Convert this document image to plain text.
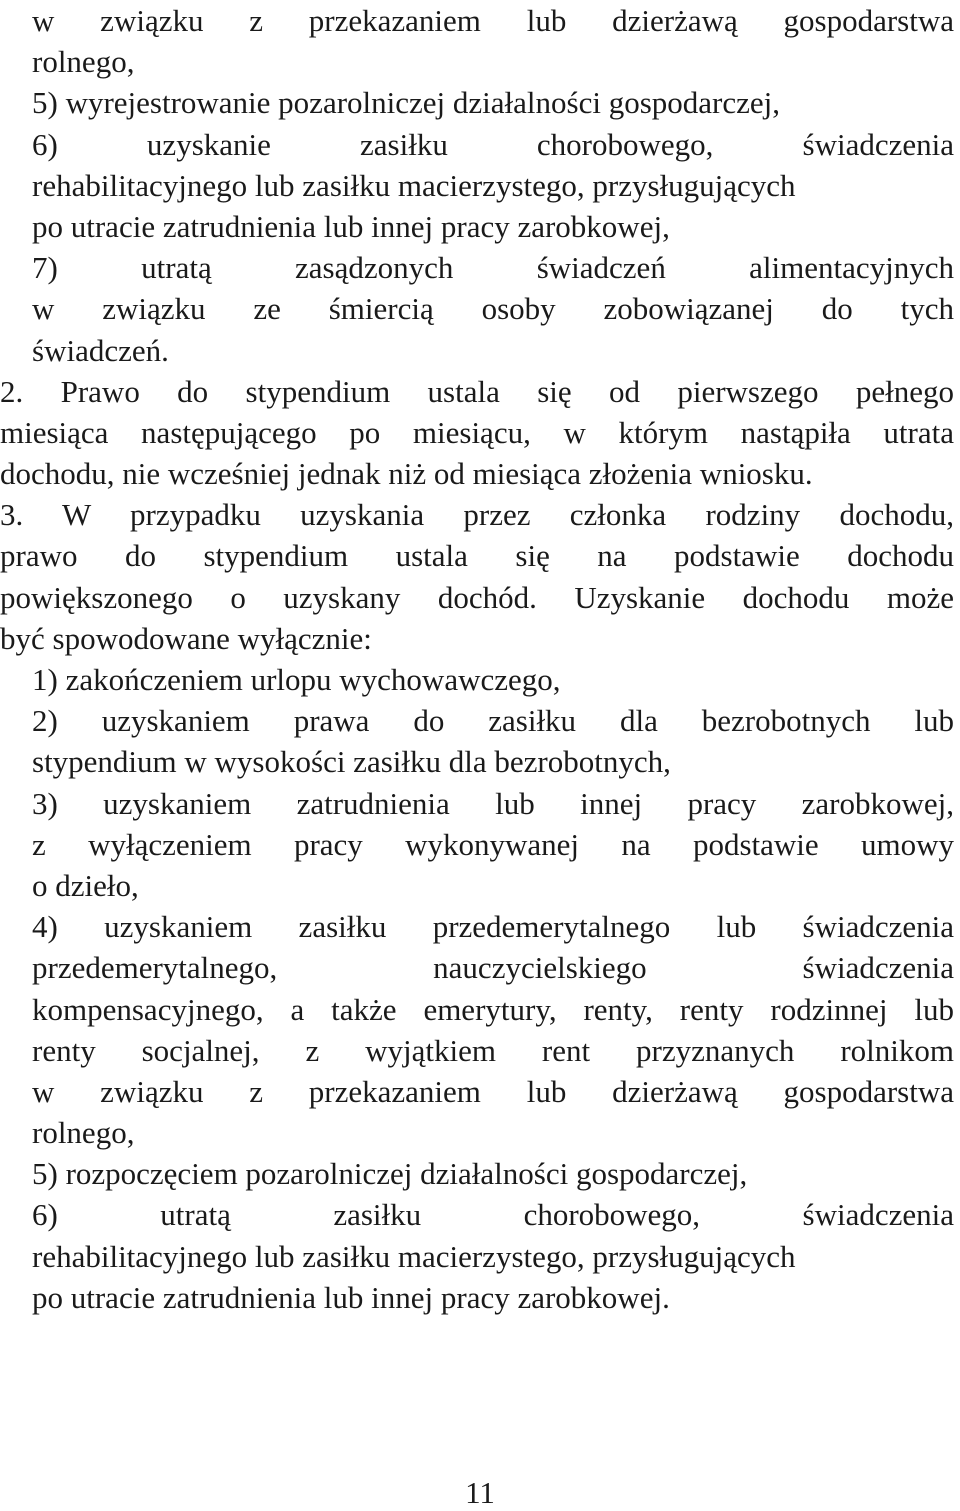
w związku z przekazaniem lub dzierżawą gospodarstwa
rolnego,
5) wyrejestrowanie pozarolniczej działalności gospodarczej,
6) uzyskanie zasiłku chorobowego, świadczenia
rehabilitacyjnego lub zasiłku macierzystego, przysługujących
po utracie zatrudnienia lub innej pracy zarobkowej,
7) utratą zasądzonych świadczeń alimentacyjnych
w związku ze śmiercią osoby zobowiązanej do tych
świadczeń.
2. Prawo do stypendium ustala się od pierwszego pełnego
miesiąca następującego po miesiącu, w którym nastąpiła utrata
dochodu, nie wcześniej jednak niż od miesiąca złożenia wniosku.
3. W przypadku uzyskania przez członka rodziny dochodu,
prawo do stypendium ustala się na podstawie dochodu
powiększonego o uzyskany dochód. Uzyskanie dochodu może
być spowodowane wyłącznie:
1) zakończeniem urlopu wychowawczego,
2) uzyskaniem prawa do zasiłku dla bezrobotnych lub
stypendium w wysokości zasiłku dla bezrobotnych,
3) uzyskaniem zatrudnienia lub innej pracy zarobkowej,
z wyłączeniem pracy wykonywanej na podstawie umowy
o dzieło,
4) uzyskaniem zasiłku przedemerytalnego lub świadczenia
przedemerytalnego, nauczycielskiego świadczenia
kompensacyjnego, a także emerytury, renty, renty rodzinnej lub
renty socjalnej, z wyjątkiem rent przyznanych rolnikom
w związku z przekazaniem lub dzierżawą gospodarstwa
rolnego,
5) rozpoczęciem pozarolniczej działalności gospodarczej,
6) utratą zasiłku chorobowego, świadczenia
rehabilitacyjnego lub zasiłku macierzystego, przysługujących
po utracie zatrudnienia lub innej pracy zarobkowej.
11
